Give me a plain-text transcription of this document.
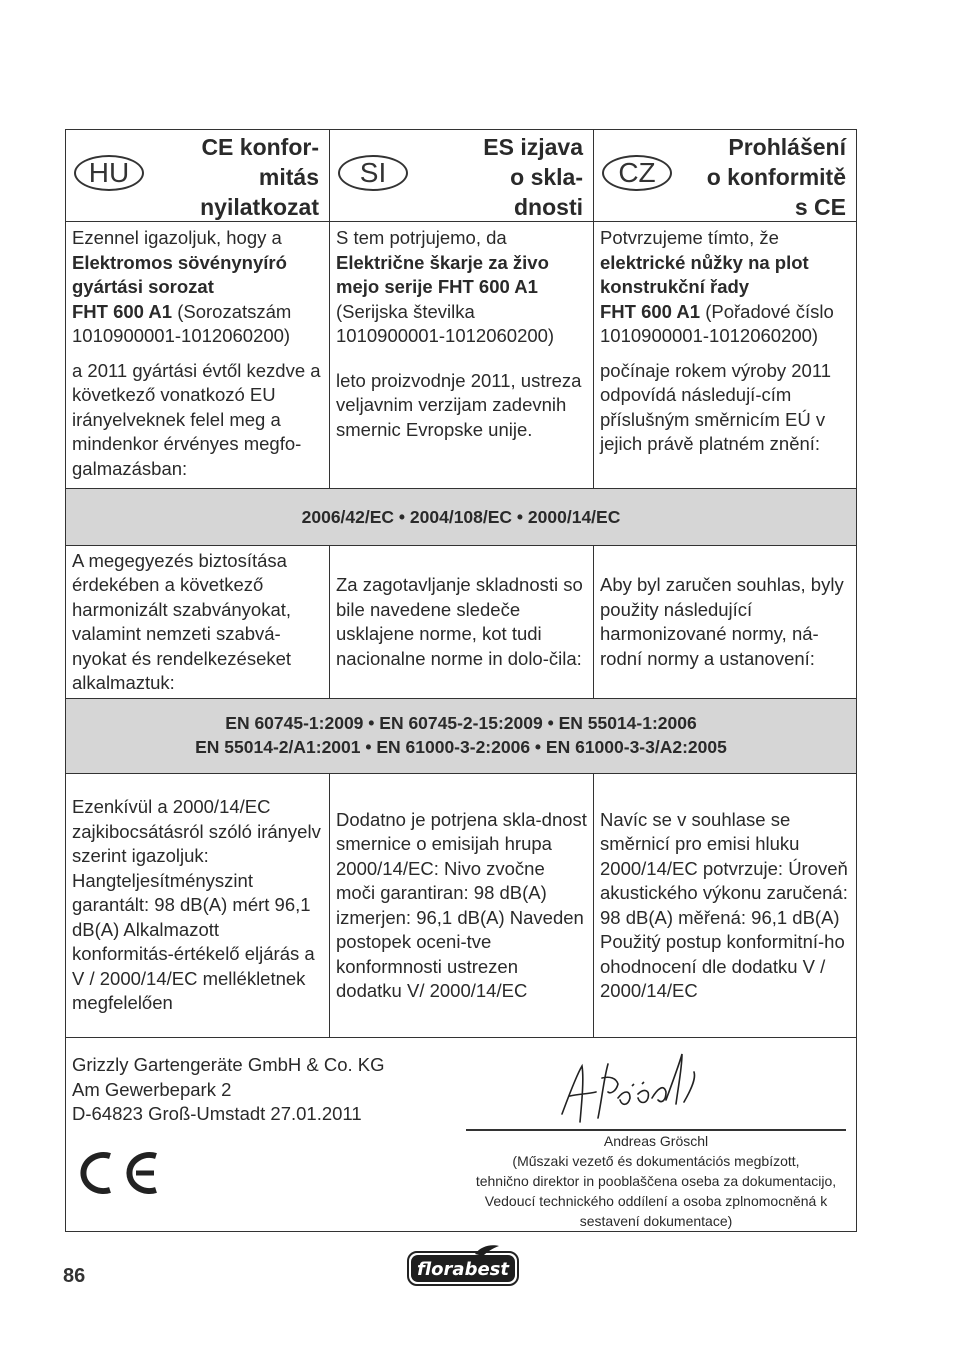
HU
CE konfor-
mitás
nyilatkozat
SI
ES izjava
o skla-
dnosti
CZ
Prohlášení
o konformitě
s CE

Ezennel igazoljuk, hogy a
Elektromos sövénynyíró gyártási sorozat
FHT 600 A1 (Sorozatszám
1010900001-1012060200)

a 2011 gyártási évtől kezdve a következő vonatkozó EU irányelveknek felel meg a mindenkor érvényes megfo-galmazásban:

S tem potrjujemo, da
Električne škarje za živo mejo serije FHT 600 A1
(Serijska številka
1010900001-1012060200)

leto proizvodnje 2011, ustreza veljavnim verzijam zadevnih smernic Evropske unije.

Potvrzujeme tímto, že
elektrické nůžky na plot konstrukční řady
FHT 600 A1 (Pořadové číslo
1010900001-1012060200)

počínaje rokem výroby 2011 odpovídá následují-cím příslušným směrnicím EÚ v jejich právě platném znění:

2006/42/EC • 2004/108/EC • 2000/14/EC
A megegyezés biztosítása érdekében a következő harmonizált szabványokat, valamint nemzeti szabvá-nyokat és rendelkezéseket alkalmaztuk:
Za zagotavljanje skladnosti so bile navedene sledeče usklajene norme, kot tudi nacionalne norme in dolo-čila:
Aby byl zaručen souhlas, byly použity následující harmonizované normy, ná-rodní normy a ustanovení:
EN 60745-1:2009 • EN 60745-2-15:2009 • EN 55014-1:2006
EN 55014-2/A1:2001 • EN 61000-3-2:2006 • EN 61000-3-3/A2:2005
Ezenkívül a 2000/14/EC zajkibocsátásról szóló irányelv szerint igazoljuk: Hangteljesítményszint garantált: 98 dB(A) mért 96,1 dB(A) Alkalmazott konformitás-értékelő eljárás a V / 2000/14/EC mellékletnek megfelelően
Dodatno je potrjena skla-dnost smernice o emisijah hrupa 2000/14/EC: Nivo zvočne moči garantiran: 98 dB(A) izmerjen: 96,1 dB(A) Naveden postopek oceni-tve konformnosti ustrezen dodatku V/ 2000/14/EC
Navíc se v souhlase se směrnicí pro emisi hluku 2000/14/EC potvrzuje: Úroveň akustického výkonu zaručená: 98 dB(A) měřená: 96,1 dB(A) Použitý postup konformitní-ho ohodnocení dle dodatku V / 2000/14/EC
Grizzly Gartengeräte GmbH & Co. KG
Am Gewerbepark 2
D-64823 Groß-Umstadt 27.01.2011
Andreas Gröschl
(Műszaki vezető és dokumentációs megbízott,
tehnično direktor in pooblaščena oseba za dokumentacijo,
Vedoucí technického oddílení a osoba zplnomocněná k
sestavení dokumentace)
86	florabest
